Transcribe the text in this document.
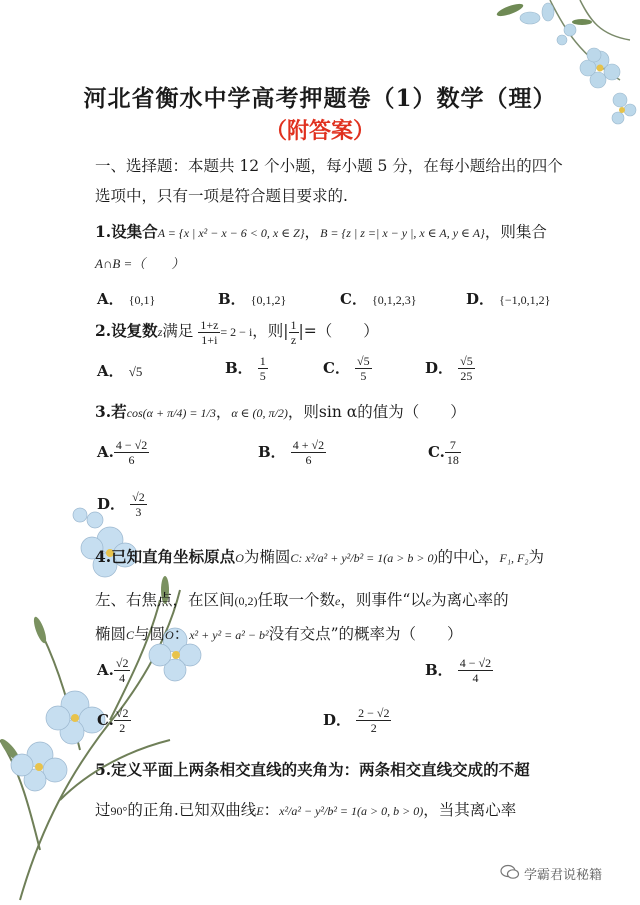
河北省衡水中学高考押题卷（1）数学（理）
（附答案）
一、选择题：本题共 12 个小题，每小题 5 分，在每小题给出的四个
选项中，只有一项是符合题目要求的.
1.设集合A = {x | x² − x − 6 < 0, x ∈ Z}，B = {z | z =| x − y |, x ∈ A, y ∈ A}，则集合
A∩B =（　　）
A． {0,1}	B． {0,1,2}	C． {0,1,2,3}	D． {−1,0,1,2}
2.设复数z满足 $\frac{1+z}{1+i} = 2 - i$，则| $\frac{1}{z}$ |=（　　）
A． √5	B． $\frac{1}{5}$	C． $\frac{√5}{5}$	D． $\frac{√5}{25}$
3.若cos(α + π/4) = 1/3，α ∈ (0, π/2)，则sin α的值为（　　）
A. $\frac{4 - √2}{6}$	B． $\frac{4 + √2}{6}$	C. $\frac{7}{18}$
D． $\frac{√2}{3}$
4.已知直角坐标原点O为椭圆C: x²/a² + y²/b² = 1(a > b > 0)的中心，F₁, F₂为
左、右焦点，在区间(0,2)任取一个数e，则事件“以e为离心率的
椭圆C与圆O：x² + y² = a² − b²没有交点”的概率为（　　）
A. $\frac{√2}{4}$	B． $\frac{4 - √2}{4}$
C. $\frac{√2}{2}$	D． $\frac{2 - √2}{2}$
5.定义平面上两条相交直线的夹角为：两条相交直线交成的不超
过90°的正角.已知双曲线E：x²/a² − y²/b² = 1(a > 0, b > 0)，当其离心率
学霸君说秘籍
